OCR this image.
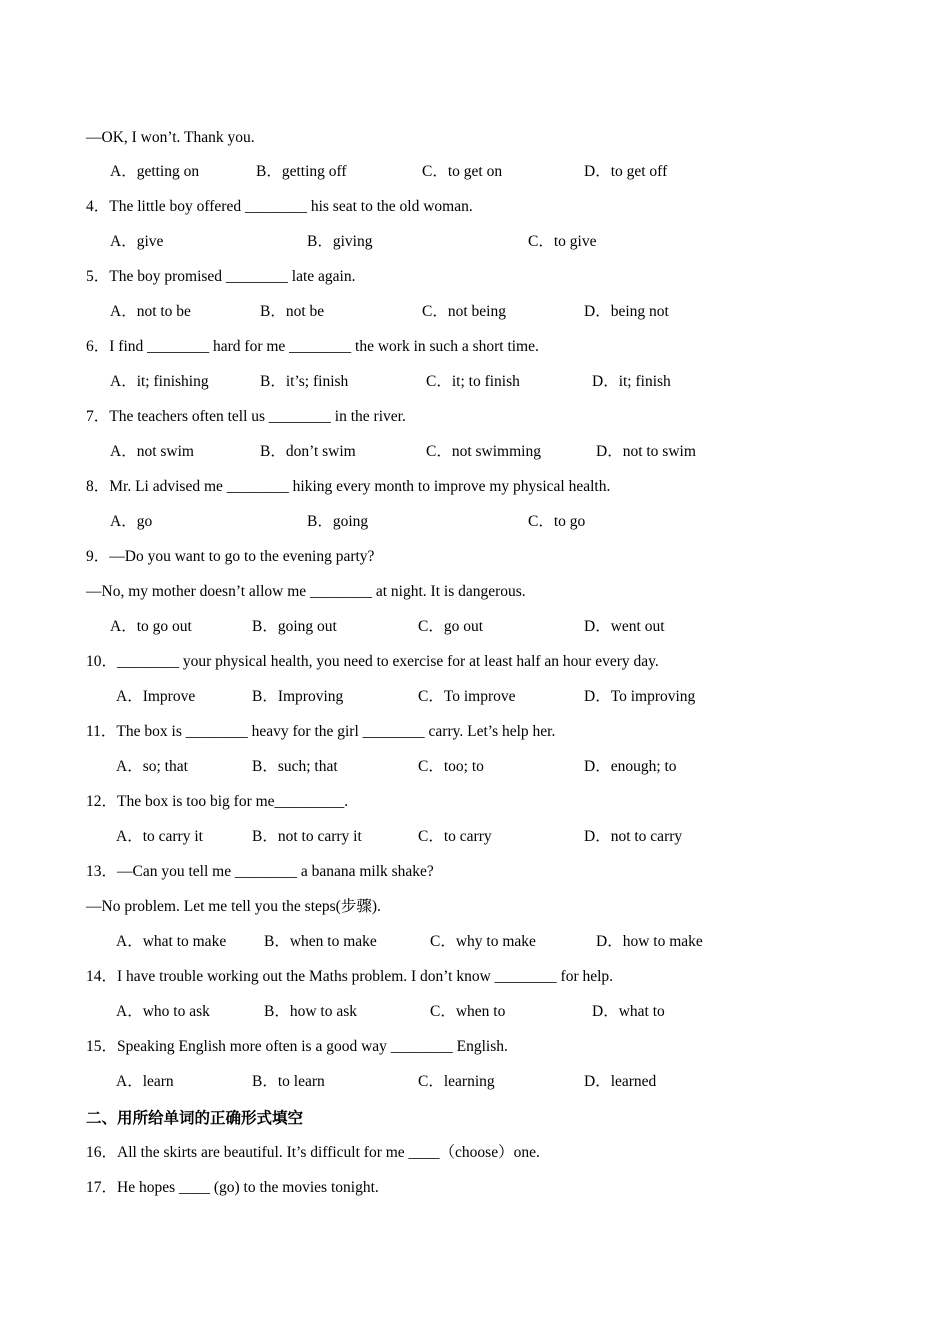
—OK, I won’t. Thank you.
A．getting on	B．getting off	C．to get on	D．to get off
4．The little boy offered ________ his seat to the old woman.
A．give	B．giving	C．to give
5．The boy promised ________ late again.
A．not to be	B．not be	C．not being	D．being not
6．I find ________ hard for me ________ the work in such a short time.
A．it; finishing	B．it’s; finish	C．it; to finish	D．it; finish
7．The teachers often tell us ________ in the river.
A．not swim	B．don’t swim	C．not swimming	D．not to swim
8．Mr. Li advised me ________ hiking every month to improve my physical health.
A．go	B．going	C．to go
9．—Do you want to go to the evening party?
—No, my mother doesn’t allow me ________ at night. It is dangerous.
A．to go out	B．going out	C．go out	D．went out
10．________ your physical health, you need to exercise for at least half an hour every day.
A．Improve	B．Improving	C．To improve	D．To improving
11．The box is ________ heavy for the girl ________ carry. Let’s help her.
A．so; that	B．such; that	C．too; to	D．enough; to
12．The box is too big for me_________.
A．to carry it	B．not to carry it	C．to carry	D．not to carry
13．—Can you tell me ________ a banana milk shake?
—No problem. Let me tell you the steps(步骤).
A．what to make B．when to make	C．why to make	D．how to make
14．I have trouble working out the Maths problem. I don’t know ________ for help.
A．who to ask	B．how to ask	C．when to	D．what to
15．Speaking English more often is a good way ________ English.
A．learn	B．to learn	C．learning	D．learned
二、用所给单词的正确形式填空
16．All the skirts are beautiful. It’s difficult for me ____（choose）one.
17．He hopes ____ (go) to the movies tonight.
